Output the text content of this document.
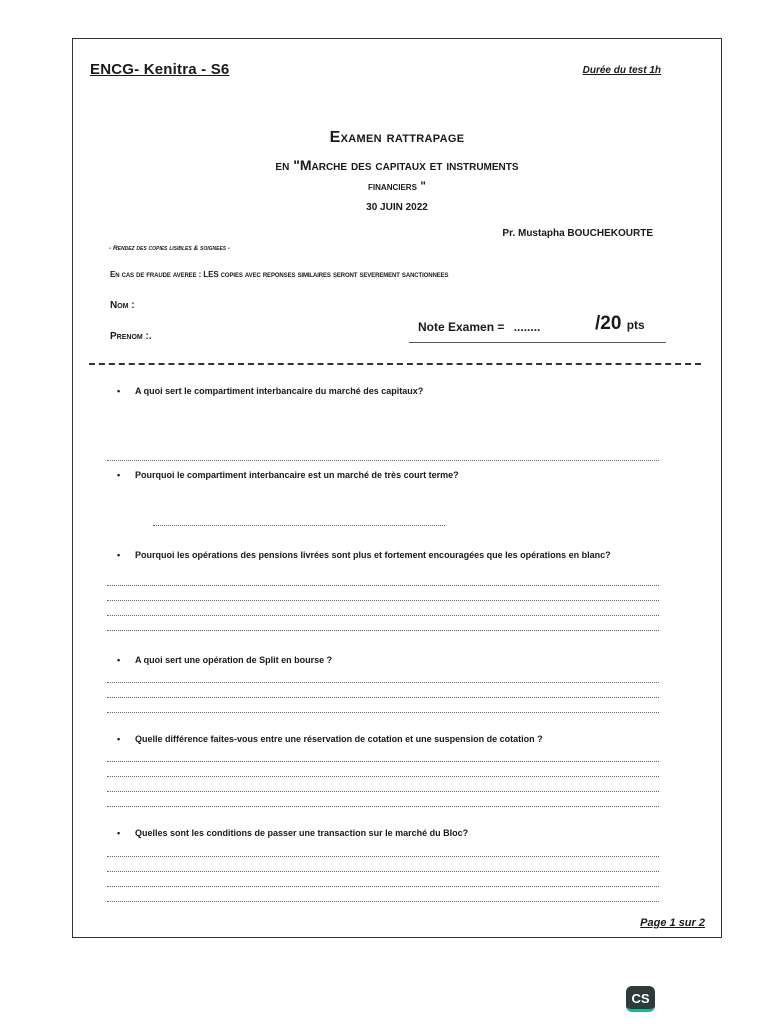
ENCG- Kenitra - S6	Durée du test 1h
Examen rattrapage
en "Marche des capitaux et instruments
financiers "
30 JUIN 2022
Pr. Mustapha BOUCHEKOURTE
- Rendez des copies lisibles & soignees -
En cas de fraude averee : LES copies avec reponses similaires seront severement sanctionnees
Nom :
Prenom :.
Note Examen = ........	/20 pts
• A quoi sert le compartiment interbancaire du marché des capitaux?
• Pourquoi le compartiment interbancaire est un marché de très court terme?
• Pourquoi les opérations des pensions livrées sont plus et fortement encouragées que les opérations en blanc?
• A quoi sert une opération de Split en bourse ?
• Quelle différence faites-vous entre une réservation de cotation et une suspension de cotation ?
• Quelles sont les conditions de passer une transaction sur le marché du Bloc?
Page 1 sur 2
CS
